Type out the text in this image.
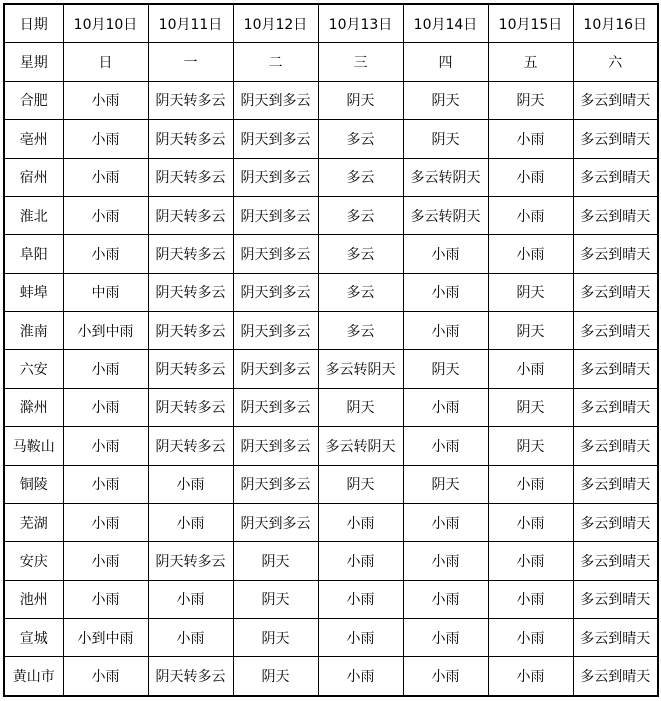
日期	10月10日	10月11日	10月12日	10月13日	10月14日	10月15日	10月16日
星期	日	一	二	三	四	五	六
合肥	小雨	阴天转多云	阴天到多云	阴天	阴天	阴天	多云到晴天
亳州	小雨	阴天转多云	阴天到多云	多云	阴天	小雨	多云到晴天
宿州	小雨	阴天转多云	阴天到多云	多云	多云转阴天	小雨	多云到晴天
淮北	小雨	阴天转多云	阴天到多云	多云	多云转阴天	小雨	多云到晴天
阜阳	小雨	阴天转多云	阴天到多云	多云	小雨	小雨	多云到晴天
蚌埠	中雨	阴天转多云	阴天到多云	多云	小雨	阴天	多云到晴天
淮南	小到中雨	阴天转多云	阴天到多云	多云	小雨	阴天	多云到晴天
六安	小雨	阴天转多云	阴天到多云	多云转阴天	阴天	小雨	多云到晴天
滁州	小雨	阴天转多云	阴天到多云	阴天	小雨	阴天	多云到晴天
马鞍山	小雨	阴天转多云	阴天到多云	多云转阴天	小雨	阴天	多云到晴天
铜陵	小雨	小雨	阴天到多云	阴天	阴天	小雨	多云到晴天
芜湖	小雨	小雨	阴天到多云	小雨	小雨	小雨	多云到晴天
安庆	小雨	阴天转多云	阴天	小雨	小雨	小雨	多云到晴天
池州	小雨	小雨	阴天	小雨	小雨	小雨	多云到晴天
宣城	小到中雨	小雨	阴天	小雨	小雨	小雨	多云到晴天
黄山市	小雨	阴天转多云	阴天	小雨	小雨	小雨	多云到晴天
